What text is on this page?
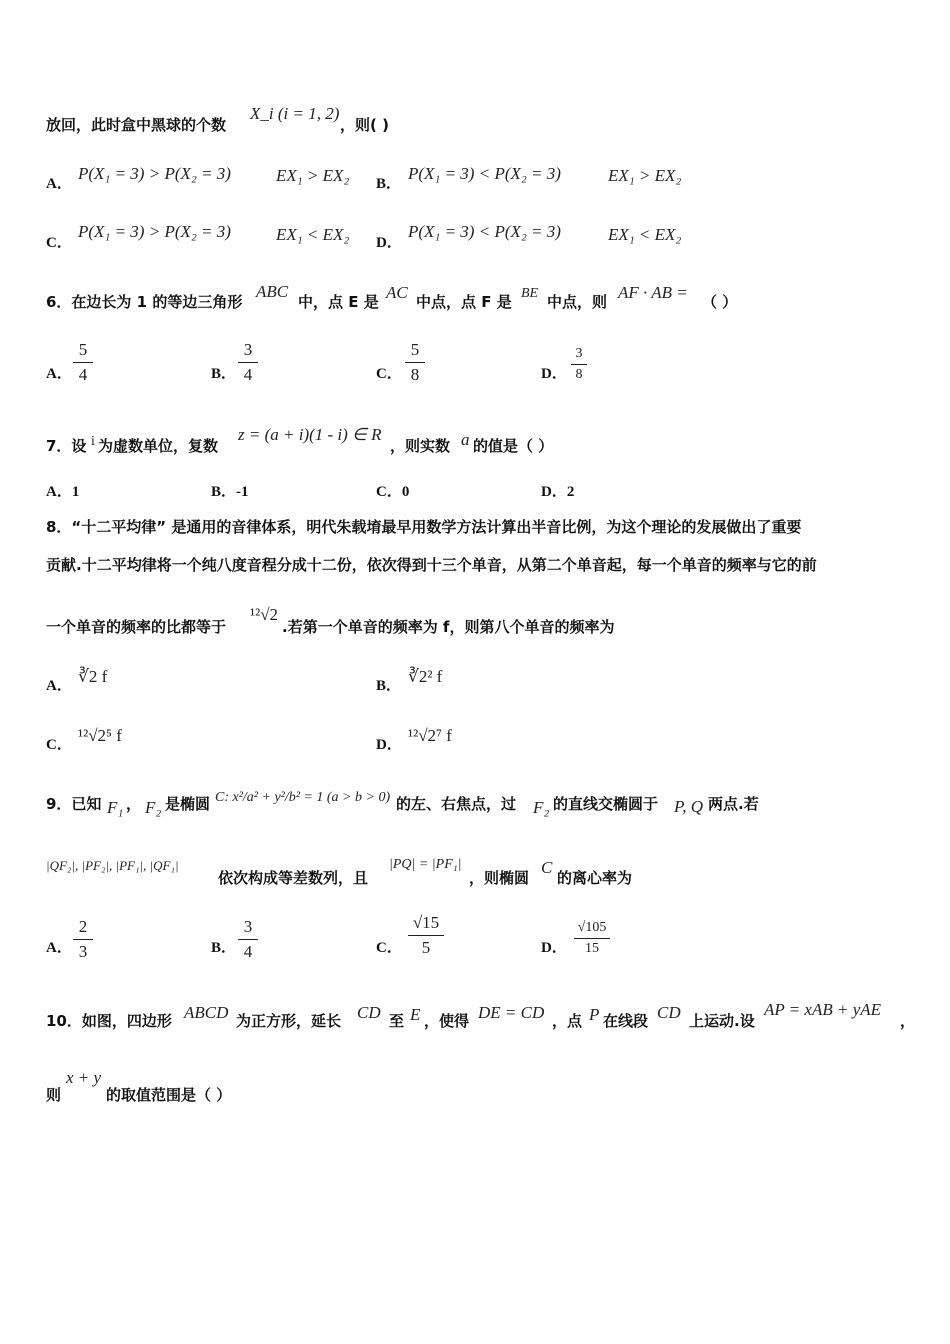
放回，此时盒中黑球的个数
X_i (i = 1, 2)
，则( )
A．
P(X₁ = 3) > P(X₂ = 3)	EX₁ > EX₂ B．
P(X₁ = 3) < P(X₂ = 3)	EX₁ > EX₂
C．
P(X₁ = 3) > P(X₂ = 3)	EX₁ < EX₂ D．
P(X₁ = 3) < P(X₂ = 3)	EX₁ < EX₂
6．在边长为 1 的等边三角形
ABC
中，点 E 是 AC 中点，点 F 是 BE 中点，则 AF · AB = （ ）
A．
5
4	B．
3
4	C．
5
8	D．
3
8
7．设 i 为虚数单位，复数
z = (a + i)(1 - i) ∈ R
，则实数 a 的值是（ ）
A．1	B．-1	C．0	D．2
8．“十二平均律” 是通用的音律体系，明代朱载堉最早用数学方法计算出半音比例，为这个理论的发展做出了重要
贡献.十二平均律将一个纯八度音程分成十二份，依次得到十三个单音，从第二个单音起，每一个单音的频率与它的前
一个单音的频率的比都等于
¹²√2
.若第一个单音的频率为 f，则第八个单音的频率为
A． ∛2 f	B． ∛2² f
C． ¹²√2⁵ f	D． ¹²√2⁷ f
9．已知 F₁ ， F₂ 是椭圆 C: x²/a² + y²/b² = 1 (a > b > 0) 的左、右焦点，过 F₂ 的直线交椭圆于 P, Q 两点.若
|QF₂|, |PF₂|, |PF₁|, |QF₁|
依次构成等差数列，且
|PQ| = |PF₁|
，则椭圆
C
的离心率为
A．
2
3	B．
3
4	C．
√15
5	D．
√105
15
10．如图，四边形 ABCD 为正方形，延长 CD 至 E ，使得 DE = CD ，点 P 在线段 CD 上运动.设
AP = xAB + yAE
，
则
x + y
的取值范围是（ ）
